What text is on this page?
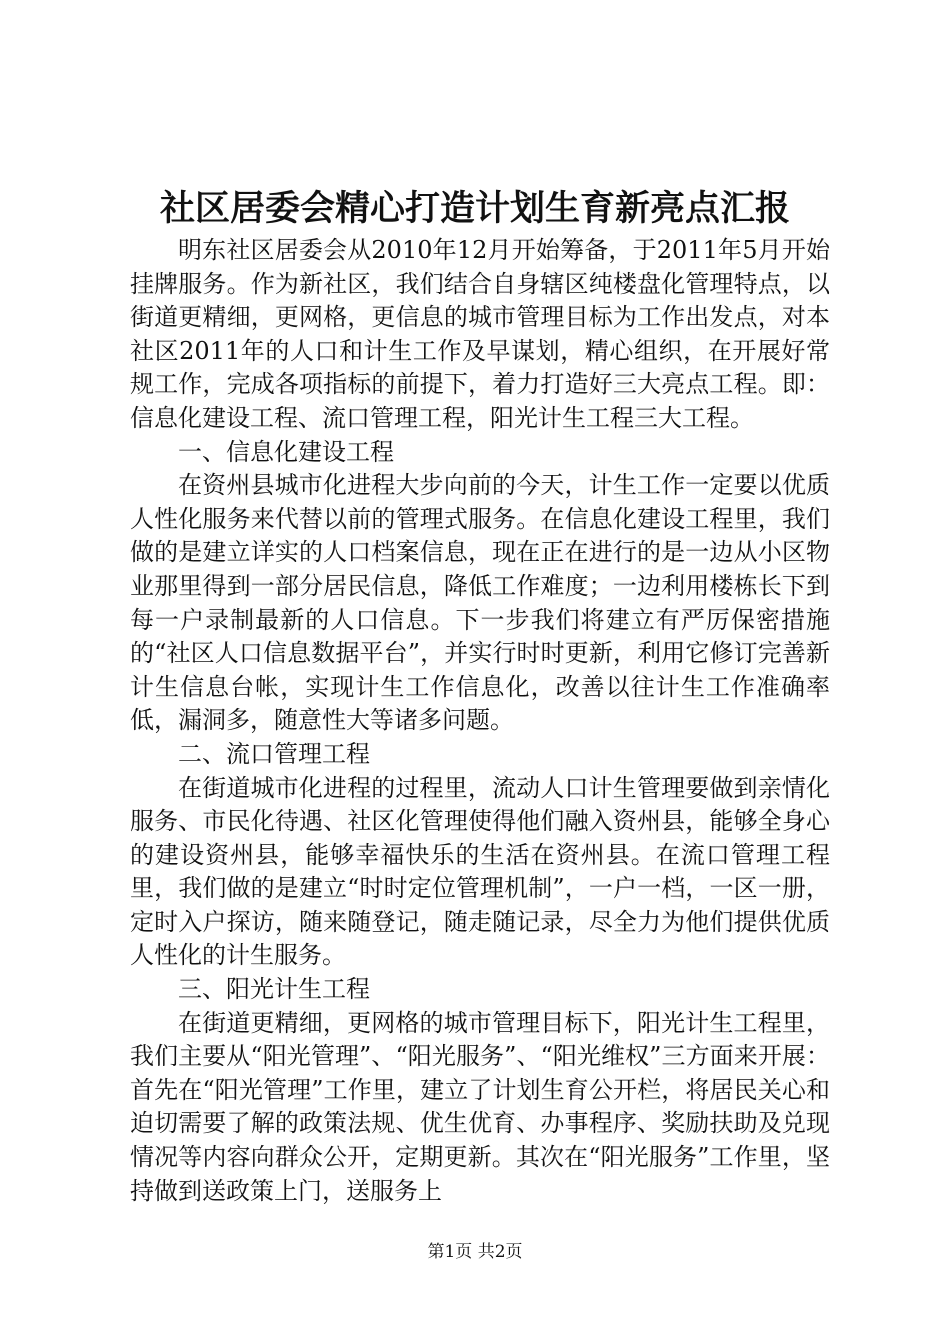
社区居委会精心打造计划生育新亮点汇报

明东社区居委会从2010年12月开始筹备，于2011年5月开始挂牌服务。作为新社区，我们结合自身辖区纯楼盘化管理特点，以街道更精细，更网格，更信息的城市管理目标为工作出发点，对本社区2011年的人口和计生工作及早谋划，精心组织，在开展好常规工作，完成各项指标的前提下，着力打造好三大亮点工程。即：信息化建设工程、流口管理工程，阳光计生工程三大工程。

一、信息化建设工程

在资州县城市化进程大步向前的今天，计生工作一定要以优质人性化服务来代替以前的管理式服务。在信息化建设工程里，我们做的是建立详实的人口档案信息，现在正在进行的是一边从小区物业那里得到一部分居民信息，降低工作难度；一边利用楼栋长下到每一户录制最新的人口信息。下一步我们将建立有严厉保密措施的“社区人口信息数据平台”，并实行时时更新，利用它修订完善新计生信息台帐，实现计生工作信息化，改善以往计生工作准确率低，漏洞多，随意性大等诸多问题。

二、流口管理工程

在街道城市化进程的过程里，流动人口计生管理要做到亲情化服务、市民化待遇、社区化管理使得他们融入资州县，能够全身心的建设资州县，能够幸福快乐的生活在资州县。在流口管理工程里，我们做的是建立“时时定位管理机制”，一户一档，一区一册，定时入户探访，随来随登记，随走随记录，尽全力为他们提供优质人性化的计生服务。

三、阳光计生工程

在街道更精细，更网格的城市管理目标下，阳光计生工程里，我们主要从“阳光管理”、“阳光服务”、“阳光维权”三方面来开展：首先在“阳光管理”工作里，建立了计划生育公开栏，将居民关心和迫切需要了解的政策法规、优生优育、办事程序、奖励扶助及兑现情况等内容向群众公开，定期更新。其次在“阳光服务”工作里，坚持做到送政策上门，送服务上

第1页 共2页
